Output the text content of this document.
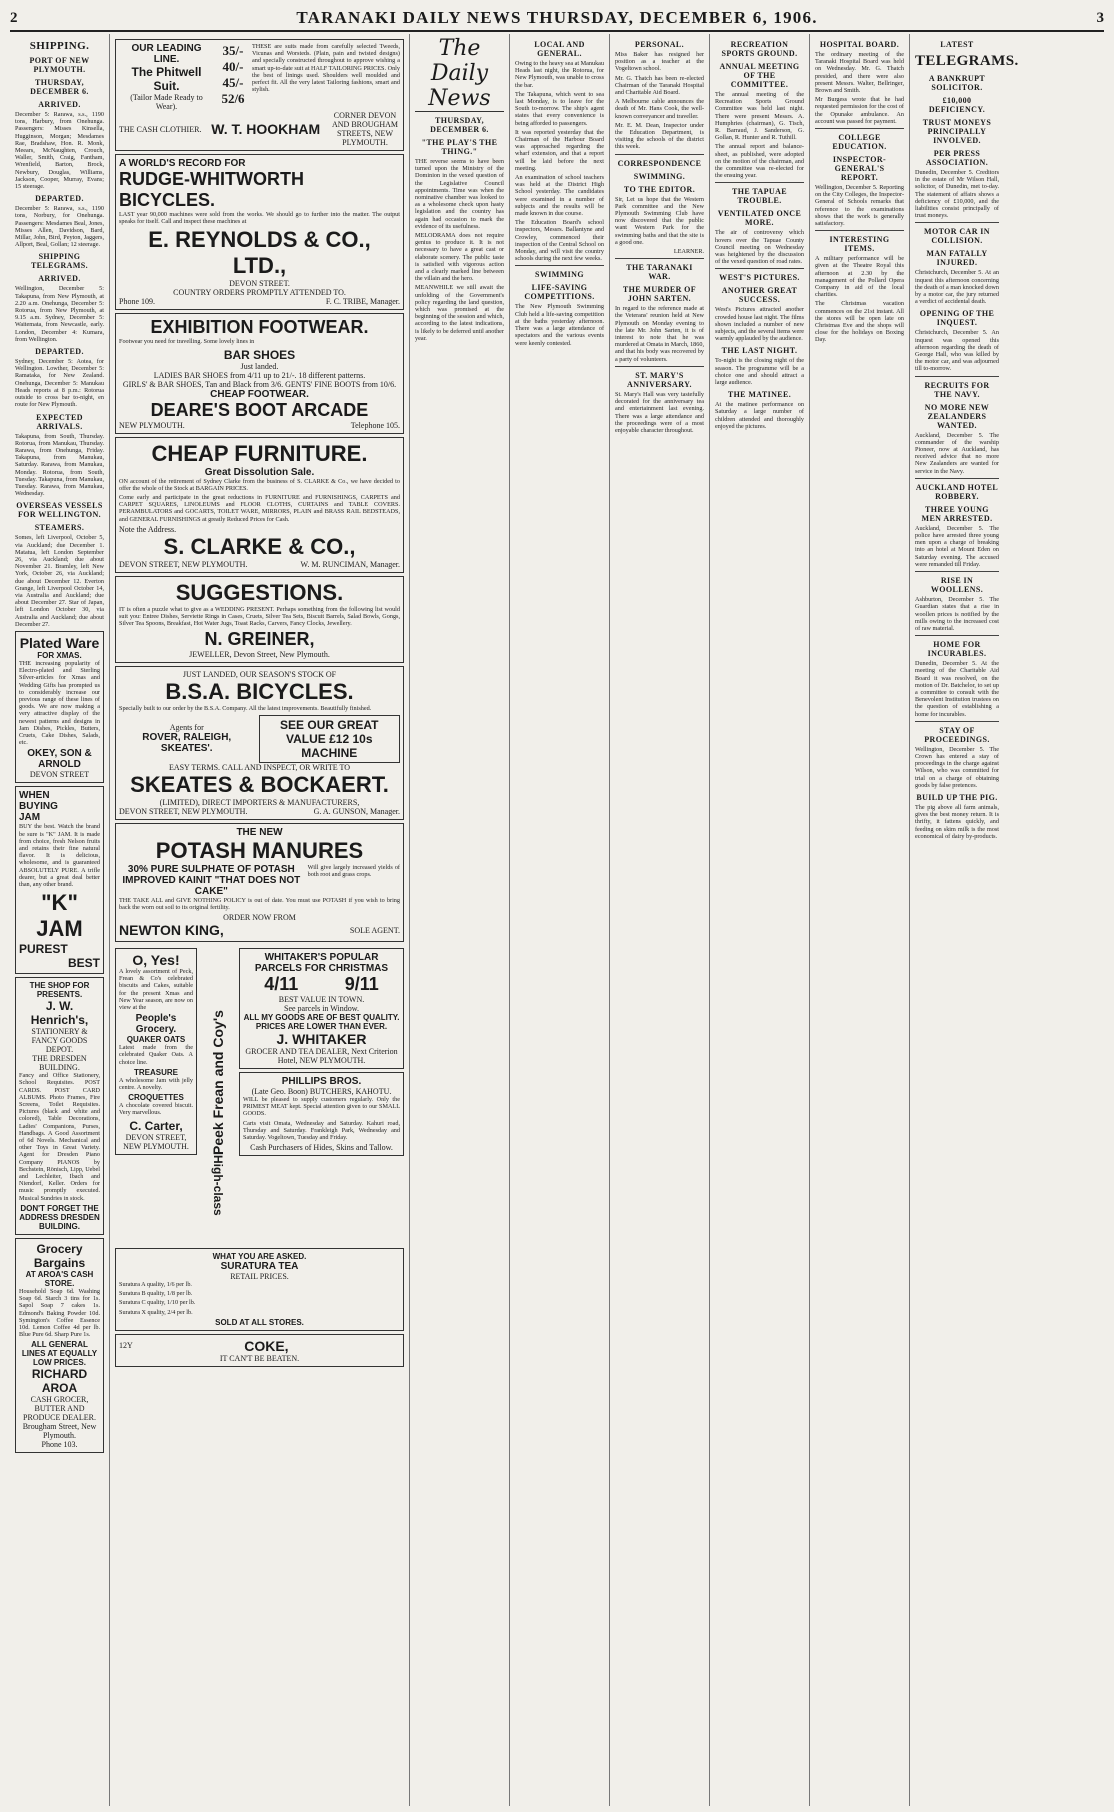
2	TARANAKI DAILY NEWS THURSDAY, DECEMBER 6, 1906.	3
SHIPPING.
PORT OF NEW PLYMOUTH.
THURSDAY, DECEMBER 6.
ARRIVED.
December 5: Rarawa, s.s., 1190 tons, Harbury, from Onehunga. Passengers: Misses Kinsella, Hugginson, Morgan; Mesdames Rae, Bradshaw, Hon. R. Monk, Meears, McNaughten, Crouch, Waller, Smith, Craig, Fantham, Wrenfield, Barton, Brock, Newbury, Douglas, Williams, Jackson, Cooper, Murray, Evans; 15 steerage.
DEPARTED.
December 5: Rarawa, s.s., 1190 tons, Norbury, for Onehunga. Passengers: Mesdames Beal, Jones, Misses Allen, Davidson, Bard, Millar, John, Bird, Peyton, Jaggers, Allport, Beal, Gollan; 12 steerage.
SHIPPING TELEGRAMS.
ARRIVED.
Wellington, December 5: Takapuna, from New Plymouth, at 2.20 a.m. Onehunga, December 5: Rotorua, from New Plymouth, at 9.15 a.m. Sydney, December 5: Waitemata, from Newcastle, early. London, December 4: Kumara, from Wellington.
DEPARTED.
Sydney, December 5: Aotea, for Wellington. Lowther, December 5: Ramataka, for New Zealand. Onehunga, December 5: Manukau Heads reports at 8 p.m.: Rotorua outside to cross bar to-night, en route for New Plymouth.
EXPECTED ARRIVALS.
Takapuna, from South, Thursday. Rotorua, from Manukau, Thursday. Rarawa, from Onehunga, Friday. Takapuna, from Manukau, Saturday. Rarawa, from Manukau, Monday. Rotorua, from South, Tuesday. Takapuna, from Manukau, Tuesday. Rarawa, from Manukau, Wednesday.
OVERSEAS VESSELS FOR WELLINGTON.
STEAMERS.
Somes, left Liverpool, October 5, via Auckland; due December 1. Matatua, left London September 26, via Auckland; due about November 21. Bramley, left New York, October 26, via Auckland; due about December 12. Everton Grange, left Liverpool October 14, via Australia and Auckland; due about December 27. Star of Japan, left London October 30, via Australia and Auckland; due about December 27.
Plated Ware
FOR XMAS.
THE increasing popularity of Electro-plated and Sterling Silver-articles for Xmas and Wedding Gifts has prompted us to considerably increase our previous range of these lines of goods. We are now making a very attractive display of the newest patterns and designs in Jam Dishes, Pickles, Butters, Cruets, Cake Dishes, Salads, etc.
OKEY, SON & ARNOLD
DEVON STREET
WHEN
BUYING
JAM
BUY the best. Watch the brand be sure is "K" JAM. It is made from choice, fresh Nelson fruits and retains their fine natural flavor. It is delicious, wholesome, and is guaranteed ABSOLUTELY PURE. A trifle dearer, but a great deal better than, any other brand.
"K" JAM
PUREST
BEST
THE SHOP FOR PRESENTS.
J. W. Henrich's,
STATIONERY & FANCY GOODS DEPOT.
THE DRESDEN BUILDING.
Fancy and Office Stationery, School Requisites. POST CARDS. POST CARD ALBUMS. Photo Frames, Fire Screens, Toilet Requisites. Pictures (black and white and colored), Table Decorations, Ladies' Companions, Purses, Handbags. A Good Assortment of 6d Novels. Mechanical and other Toys in Great Variety. Agent for Dresden Piano Company PIANOS by Bechstein, Rönisch, Lipp, Uebel and Lechleiter, Ibach and Niendorf, Keller. Orders for music promptly executed. Musical Sundries in stock.
DON'T FORGET THE ADDRESS DRESDEN BUILDING.
Grocery Bargains
AT AROA'S CASH STORE.
Household Soap 6d. Washing Soap 6d. Starch 3 tins for 1s. Sapol Soap 7 cakes 1s. Edmond's Baking Powder 10d. Symington's Coffee Essence 10d. Lemon Coffee 4d per lb. Blue Pure 6d. Sharp Pure 1s.
ALL GENERAL LINES AT EQUALLY LOW PRICES.
RICHARD AROA
CASH GROCER, BUTTER AND PRODUCE DEALER.
Brougham Street, New Plymouth.
Phone 103.
OUR LEADING LINE.
The Phitwell Suit.
(Tailor Made Ready to Wear).
35/-
40/-
45/-
52/6
THESE are suits made from carefully selected Tweeds, Vicunas and Worsteds. (Plain, pain and twisted designs) and specially constructed throughout to approve wishing a smart up-to-date suit at HALF TAILORING PRICES. Only the best of linings used. Shoulders well moulded and perfect fit. All the very latest Tailoring fashions, smart and stylish.
THE CASH CLOTHIER. W. T. HOOKHAM
CORNER DEVON AND BROUGHAM STREETS, NEW PLYMOUTH.
A WORLD'S RECORD FOR
RUDGE-WHITWORTH BICYCLES.
LAST year 90,000 machines were sold from the works. We should go to further into the matter. The output speaks for itself. Call and inspect these machines at
E. REYNOLDS & CO., LTD.,
DEVON STREET.
COUNTRY ORDERS PROMPTLY ATTENDED TO.
Phone 109.	F. C. TRIBE, Manager.
EXHIBITION FOOTWEAR.
Footwear you need for travelling. Some lovely lines in
BAR SHOES
Just landed.
LADIES BAR SHOES from 4/11 up to 21/-. 18 different patterns.
GIRLS' & BAR SHOES, Tan and Black from 3/6. GENTS' FINE BOOTS from 10/6.
CHEAP FOOTWEAR.
DEARE'S BOOT ARCADE
NEW PLYMOUTH.	Telephone 105.
CHEAP FURNITURE.
Great Dissolution Sale.
ON account of the retirement of Sydney Clarke from the business of S. CLARKE & Co., we have decided to offer the whole of the Stock at BARGAIN PRICES.
Come early and participate in the great reductions in FURNITURE and FURNISHINGS, CARPETS and CARPET SQUARES, LINOLEUMS and FLOOR CLOTHS, CURTAINS and TABLE COVERS. PERAMBULATORS and GOCARTS, TOILET WARE, MIRRORS, PLAIN and BRASS RAIL BEDSTEADS, and GENERAL FURNISHINGS at greatly Reduced Prices for Cash.
Note the Address.
S. CLARKE & CO.,
DEVON STREET, NEW PLYMOUTH.	W. M. RUNCIMAN, Manager.
SUGGESTIONS.
IT is often a puzzle what to give as a WEDDING PRESENT. Perhaps something from the following list would suit you: Entree Dishes, Serviette Rings in Cases, Cruets, Silver Tea Sets, Biscuit Barrels, Salad Bowls, Gongs, Silver Tea Spoons, Breakfast, Hot Water Jugs, Toast Racks, Carvers, Fancy Clocks, Jewellery.
N. GREINER,
JEWELLER, Devon Street, New Plymouth.
JUST LANDED, OUR SEASON'S STOCK OF
B.S.A. BICYCLES.
Specially built to our order by the B.S.A. Company. All the latest improvements. Beautifully finished.
Agents for
ROVER, RALEIGH, SKEATES'.
SEE OUR GREAT VALUE £12 10s MACHINE
EASY TERMS. CALL AND INSPECT, OR WRITE TO
SKEATES & BOCKAERT.
(LIMITED), DIRECT IMPORTERS & MANUFACTURERS,
DEVON STREET, NEW PLYMOUTH.	G. A. GUNSON, Manager.
THE NEW
POTASH MANURES
30% PURE SULPHATE OF POTASH
IMPROVED KAINIT "THAT DOES NOT CAKE"
Will give largely increased yields of both root and grass crops.
THE TAKE ALL and GIVE NOTHING POLICY is out of date. You must use POTASH if you wish to bring back the worn out soil to its original fertility.
ORDER NOW FROM
NEWTON KING,	SOLE AGENT.
O, Yes!
A lovely assortment of Peck, Frean & Co's celebrated biscuits and Cakes, suitable for the present Xmas and New Year season, are now on view at the
People's Grocery.
QUAKER OATS
Latest made from the celebrated Quaker Oats. A choice line.
TREASURE
A wholesome Jam with jelly centre. A novelty.
CROQUETTES
A chocolate covered biscuit. Very marvellous.
C. Carter,
DEVON STREET, NEW PLYMOUTH. Peek Frean and Coy's
High-class
WHITAKER'S POPULAR PARCELS FOR CHRISTMAS
4/11	9/11
BEST VALUE IN TOWN.
See parcels in Window.
ALL MY GOODS ARE OF BEST QUALITY. PRICES ARE LOWER THAN EVER.
J. WHITAKER
GROCER AND TEA DEALER, Next Criterion Hotel, NEW PLYMOUTH.
PHILLIPS BROS.
(Late Geo. Boon) BUTCHERS, KAHOTU.
WILL be pleased to supply customers regularly. Only the PRIMEST MEAT kept. Special attention given to our SMALL GOODS.
Carts visit Omata, Wednesday and Saturday. Kahuri road, Thursday and Saturday. Frankleigh Park, Wednesday and Saturday. Vogeltown, Tuesday and Friday.
Cash Purchasers of Hides, Skins and Tallow.
WHAT YOU ARE ASKED.
SURATURA TEA
RETAIL PRICES.
Suratura A quality, 1/6 per lb.
Suratura B quality, 1/8 per lb.
Suratura C quality, 1/10 per lb.
Suratura X quality, 2/4 per lb.
SOLD AT ALL STORES.
12Y	COKE,
IT CAN'T BE BEATEN.
The Daily News
THURSDAY, DECEMBER 6.
"THE PLAY'S THE THING."
THE reverse seems to have been turned upon the Ministry of the Dominion in the vexed question of the Legislative Council appointments. Time was when the nominative chamber was looked to as a wholesome check upon hasty legislation and the country has again had occasion to mark the evidence of its usefulness.
MELODRAMA does not require genius to produce it. It is not necessary to have a great cast or elaborate scenery. The public taste is satisfied with vigorous action and a clearly marked line between the villain and the hero.
MEANWHILE we still await the unfolding of the Government's policy regarding the land question, which was promised at the beginning of the session and which, according to the latest indications, is likely to be deferred until another year.
LOCAL AND GENERAL.
Owing to the heavy sea at Manukau Heads last night, the Rotorua, for New Plymouth, was unable to cross the bar.
The Takapuna, which went to sea last Monday, is to leave for the South to-morrow. The ship's agent states that every convenience is being afforded to passengers.
It was reported yesterday that the Chairman of the Harbour Board was approached regarding the wharf extension, and that a report will be laid before the next meeting.
An examination of school teachers was held at the District High School yesterday. The candidates were examined in a number of subjects and the results will be made known in due course.
The Education Board's school inspectors, Messrs. Ballantyne and Crowley, commenced their inspection of the Central School on Monday, and will visit the country schools during the next few weeks.
SWIMMING
LIFE-SAVING COMPETITIONS.
The New Plymouth Swimming Club held a life-saving competition at the baths yesterday afternoon. There was a large attendance of spectators and the various events were keenly contested.
PERSONAL.
Miss Baker has resigned her position as a teacher at the Vogeltown school.
Mr. G. Thatch has been re-elected Chairman of the Taranaki Hospital and Charitable Aid Board.
A Melbourne cable announces the death of Mr. Hans Cook, the well-known conveyancer and traveller.
Mr. E. M. Dean, Inspector under the Education Department, is visiting the schools of the district this week.
CORRESPONDENCE
SWIMMING.
TO THE EDITOR.
Sir, Let us hope that the Western Park committee and the New Plymouth Swimming Club have now discovered that the public want Western Park for the swimming baths and that the site is a good one.
LEARNER.
THE TARANAKI WAR.
THE MURDER OF JOHN SARTEN.
In regard to the reference made at the Veterans' reunion held at New Plymouth on Monday evening to the late Mr. John Sarten, it is of interest to note that he was murdered at Omata in March, 1860, and that his body was recovered by a party of volunteers.
ST. MARY'S ANNIVERSARY.
St. Mary's Hall was very tastefully decorated for the anniversary tea and entertainment last evening. There was a large attendance and the proceedings were of a most enjoyable character throughout.
RECREATION SPORTS GROUND.
ANNUAL MEETING OF THE COMMITTEE.
The annual meeting of the Recreation Sports Ground Committee was held last night. There were present Messrs. A. Humphries (chairman), G. Tisch, R. Barraud, J. Sanderson, G. Gollan, R. Hunter and R. Tuthill.
The annual report and balance-sheet, as published, were adopted on the motion of the chairman, and the committee was re-elected for the ensuing year.
THE TAPUAE TROUBLE.
VENTILATED ONCE MORE.
The air of controversy which hovers over the Tapuae County Council meeting on Wednesday was heightened by the discussion of the vexed question of road rates.
WEST'S PICTURES.
ANOTHER GREAT SUCCESS.
West's Pictures attracted another crowded house last night. The films shown included a number of new subjects, and the several items were warmly applauded by the audience.
THE LAST NIGHT.
To-night is the closing night of the season. The programme will be a choice one and should attract a large audience.
THE MATINEE.
At the matinee performance on Saturday a large number of children attended and thoroughly enjoyed the pictures.
HOSPITAL BOARD.
The ordinary meeting of the Taranaki Hospital Board was held on Wednesday. Mr. G. Thatch presided, and there were also present Messrs. Walter, Bellringer, Brown and Smith.
Mr Burgess wrote that he had requested permission for the cost of the Opunake ambulance. An account was passed for payment.
COLLEGE EDUCATION.
INSPECTOR-GENERAL'S REPORT.
Wellington, December 5. Reporting on the City Colleges, the Inspector-General of Schools remarks that reference to the examinations shows that the work is generally satisfactory.
INTERESTING ITEMS.
A military performance will be given at the Theatre Royal this afternoon at 2.30 by the management of the Pollard Opera Company in aid of the local charities.
The Christmas vacation commences on the 21st instant. All the stores will be open late on Christmas Eve and the shops will close for the holidays on Boxing Day.
LATEST
TELEGRAMS.
A BANKRUPT SOLICITOR.
£10,000 DEFICIENCY.
TRUST MONEYS PRINCIPALLY INVOLVED.
PER PRESS ASSOCIATION.
Dunedin, December 5. Creditors in the estate of Mr Wilson Hall, solicitor, of Dunedin, met to-day. The statement of affairs shows a deficiency of £10,000, and the liabilities consist principally of trust moneys.
MOTOR CAR IN COLLISION.
MAN FATALLY INJURED.
Christchurch, December 5. At an inquest this afternoon concerning the death of a man knocked down by a motor car, the jury returned a verdict of accidental death.
OPENING OF THE INQUEST.
Christchurch, December 5. An inquest was opened this afternoon regarding the death of George Hall, who was killed by the motor car, and was adjourned till to-morrow.
RECRUITS FOR THE NAVY.
NO MORE NEW ZEALANDERS WANTED.
Auckland, December 5. The commander of the warship Pioneer, now at Auckland, has received advice that no more New Zealanders are wanted for service in the Navy.
AUCKLAND HOTEL ROBBERY.
THREE YOUNG MEN ARRESTED.
Auckland, December 5. The police have arrested three young men upon a charge of breaking into an hotel at Mount Eden on Saturday evening. The accused were remanded till Friday.
RISE IN WOOLLENS.
Ashburton, December 5. The Guardian states that a rise in woollen prices is notified by the mills owing to the increased cost of raw material.
HOME FOR INCURABLES.
Dunedin, December 5. At the meeting of the Charitable Aid Board it was resolved, on the motion of Dr. Batchelor, to set up a committee to consult with the Benevolent Institution trustees on the question of establishing a home for incurables.
STAY OF PROCEEDINGS.
Wellington, December 5. The Crown has entered a stay of proceedings in the charge against Wilson, who was committed for trial on a charge of obtaining goods by false pretences.
BUILD UP THE PIG.
The pig above all farm animals, gives the best money return. It is thrifty, it fattens quickly, and feeding on skim milk is the most economical of dairy by-products.
